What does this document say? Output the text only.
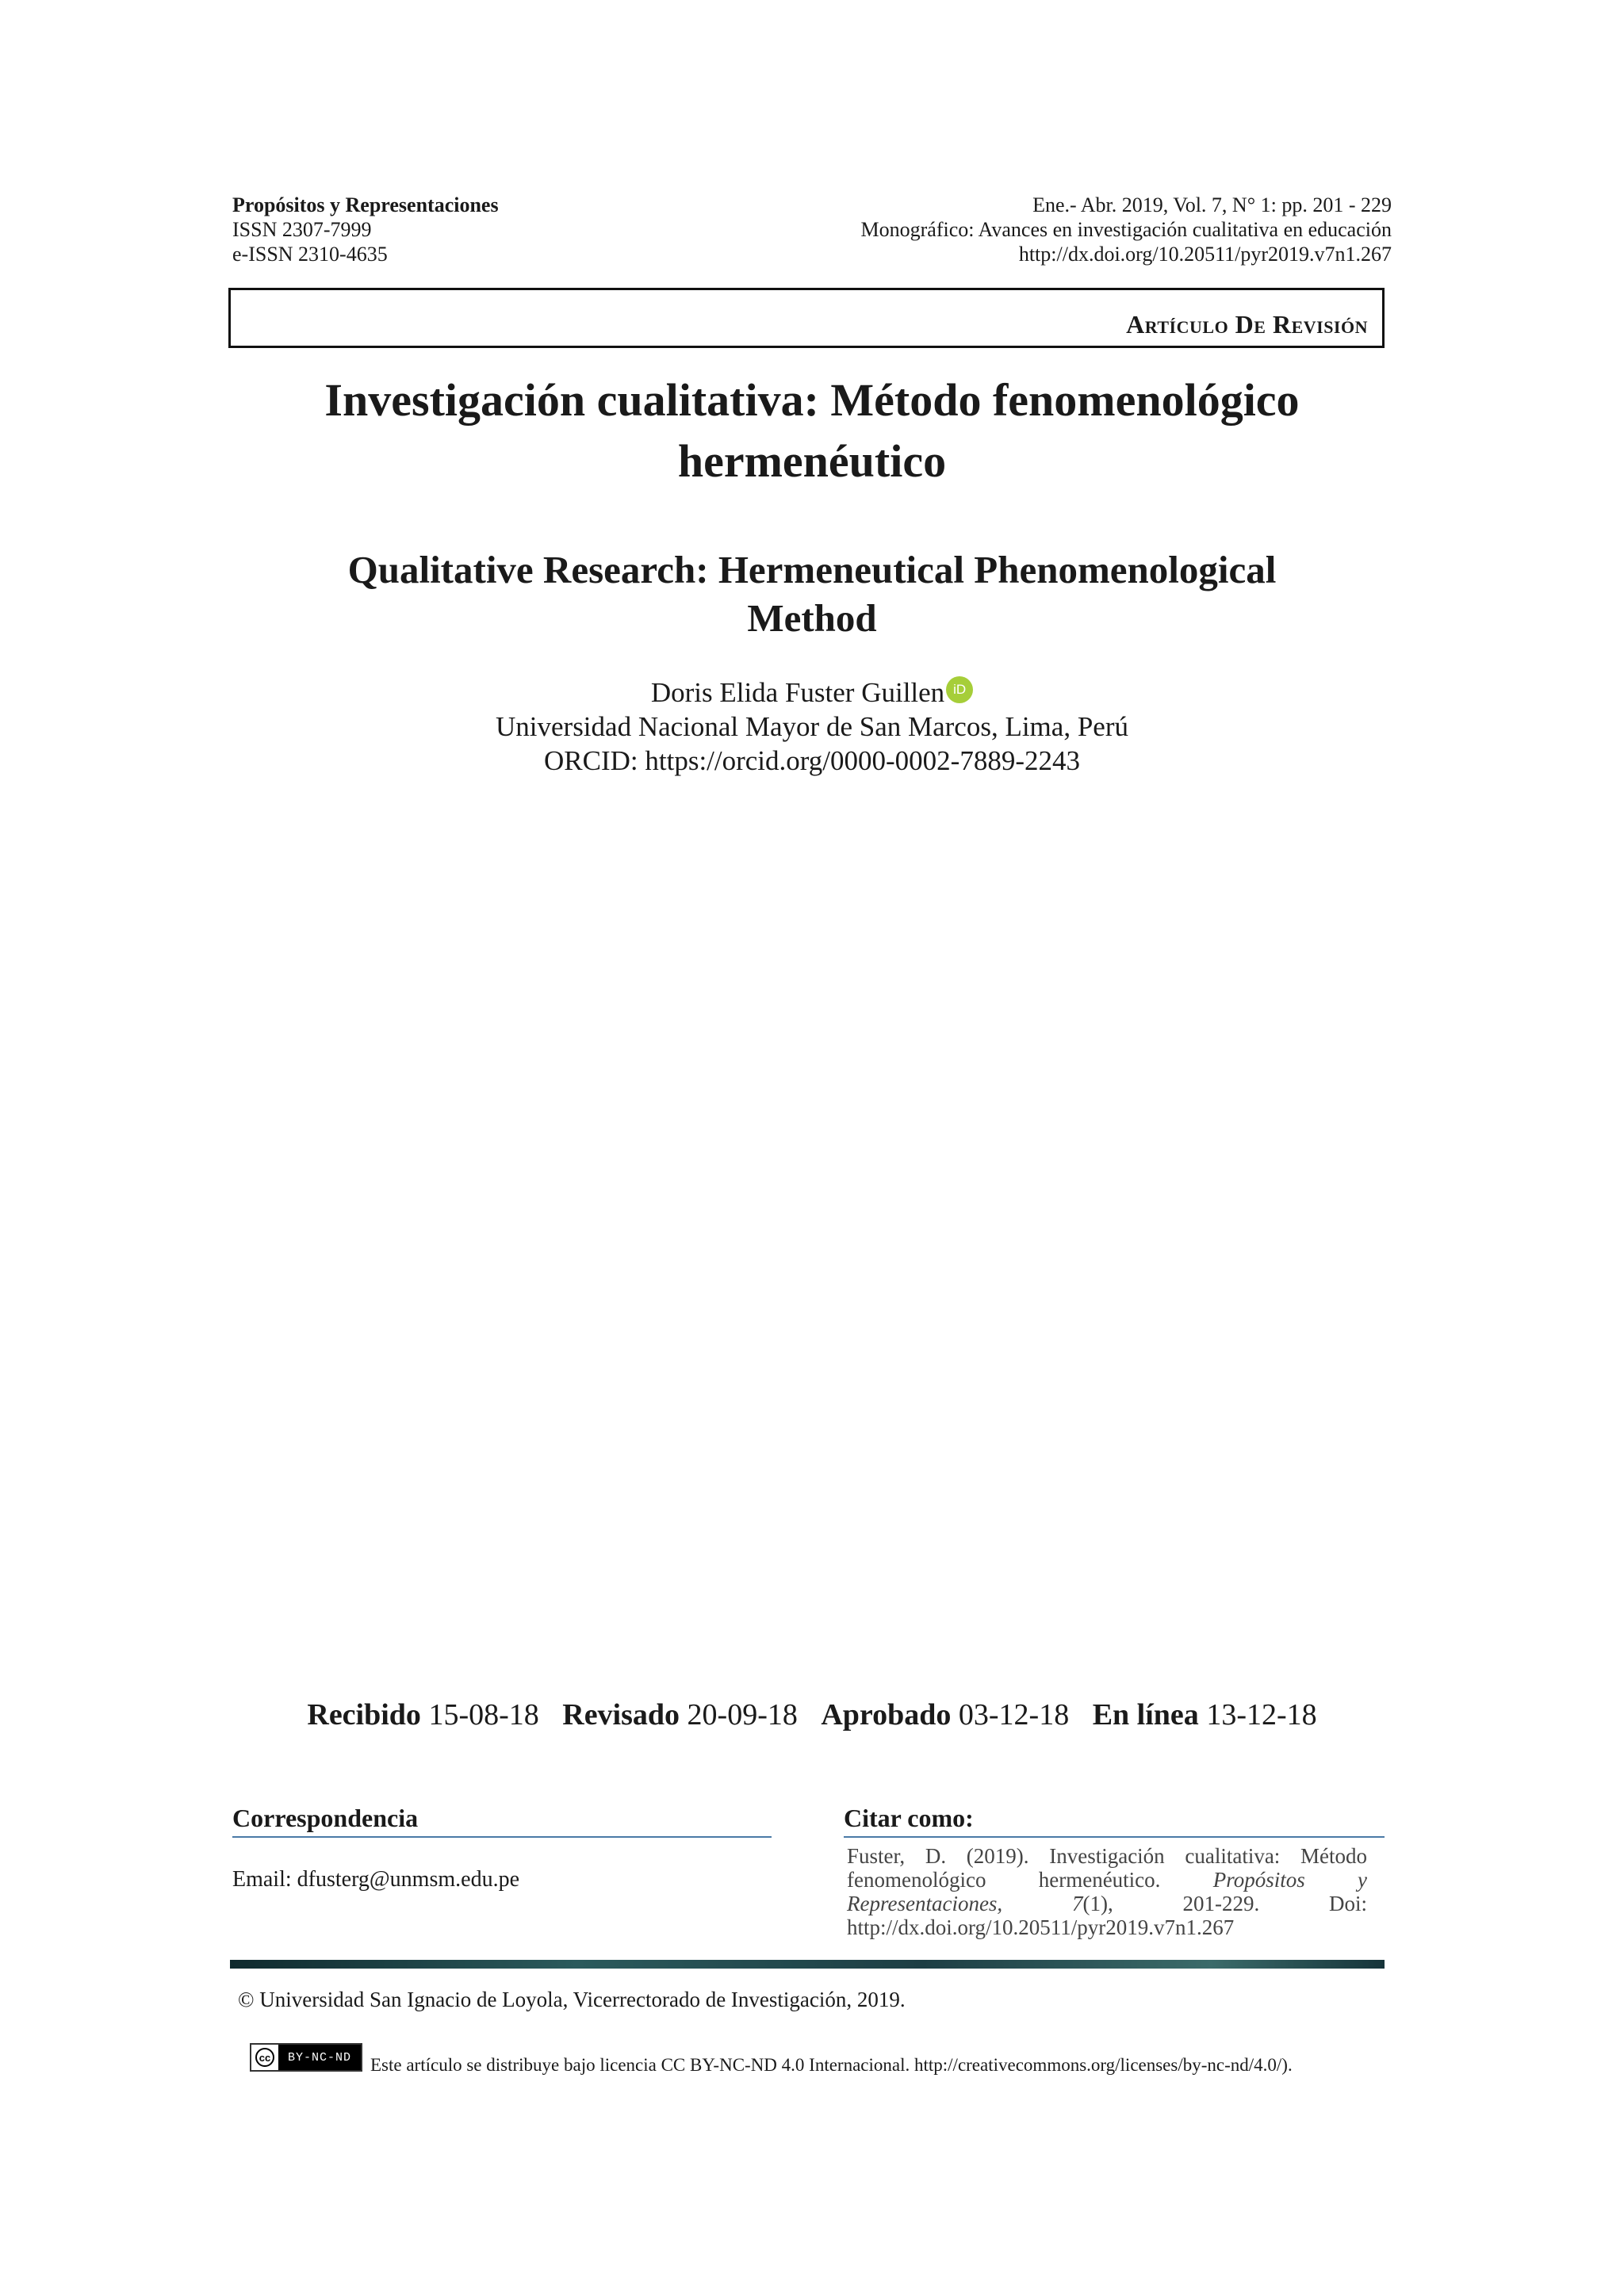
Propósitos y Representaciones
ISSN 2307-7999
e-ISSN 2310-4635
Ene.- Abr. 2019, Vol. 7, N° 1: pp. 201 - 229
Monográfico: Avances en investigación cualitativa en educación
http://dx.doi.org/10.20511/pyr2019.v7n1.267
Artículo De Revisión
Investigación cualitativa: Método fenomenológico
hermenéutico
Qualitative Research: Hermeneutical Phenomenological
Method
Doris Elida Fuster Guillen iD
Universidad Nacional Mayor de San Marcos, Lima, Perú
ORCID: https://orcid.org/0000-0002-7889-2243
Recibido 15-08-18 Revisado 20-09-18 Aprobado 03-12-18 En línea 13-12-18
Correspondencia
Email: dfusterg@unmsm.edu.pe
Citar como:
Fuster, D. (2019). Investigación cualitativa: Método fenomenológico hermenéutico. Propósitos y Representaciones, 7(1), 201-229. Doi: http://dx.doi.org/10.20511/pyr2019.v7n1.267
© Universidad San Ignacio de Loyola, Vicerrectorado de Investigación, 2019.
cc	BY-NC-ND	Este artículo se distribuye bajo licencia CC BY-NC-ND 4.0 Internacional. http://creativecommons.org/licenses/by-nc-nd/4.0/).
